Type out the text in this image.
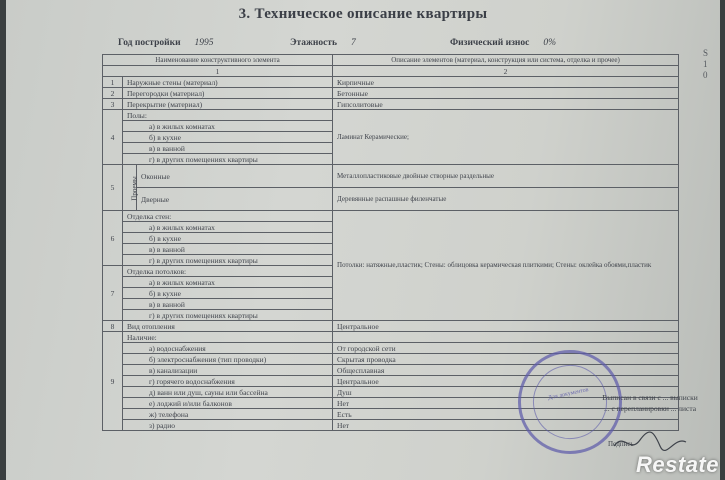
3. Техническое описание квартиры
Год постройки 1995	Этажность 7	Физический износ 0%
S
1
0
Наименование конструктивного элемента			Описание элементов (материал, конструкция или система, отделка и прочее)
1			2
1	Наружные стены (материал)		Кирпичные
2	Перегородки (материал)		Бетонные
3	Перекрытие (материал)		Гипсолитовые
4	Полы:		Ламинат Керамические;
	а) в жилых комнатах		
	б) в кухне		
	в) в ванной		
	г) в других помещениях квартиры		
5	Проемы	Оконные	Металлопластиковые двойные створные раздельные
		Дверные	Деревянные распашные филенчатые
6	Отделка стен:		Потолки: натяжные,пластик; Стены: облицовка керамическая плиткими; Стены: оклейка обоями,пластик
	а) в жилых комнатах		
	б) в кухне		
	в) в ванной		
	г) в других помещениях квартиры		
7	Отделка потолков:		
	а) в жилых комнатах		
	б) в кухне		
	в) в ванной		
	г) в других помещениях квартиры		
8	Вид отопления		Центральное
9	Наличие:		
	а) водоснабжения		От городской сети
	б) электроснабжения (тип проводки)		Скрытая проводка
	в) канализации		Общесплавная
	г) горячего водоснабжения		Центральное
	д) ванн или душ, сауны или бассейна		Душ
	е) лоджий и/или балконов		Нет
	ж) телефона		Есть
	з) радио		Нет
Для документов	Выписан в связи с ... выписки ... с перепланировки ... листа
Подпись
Restate
